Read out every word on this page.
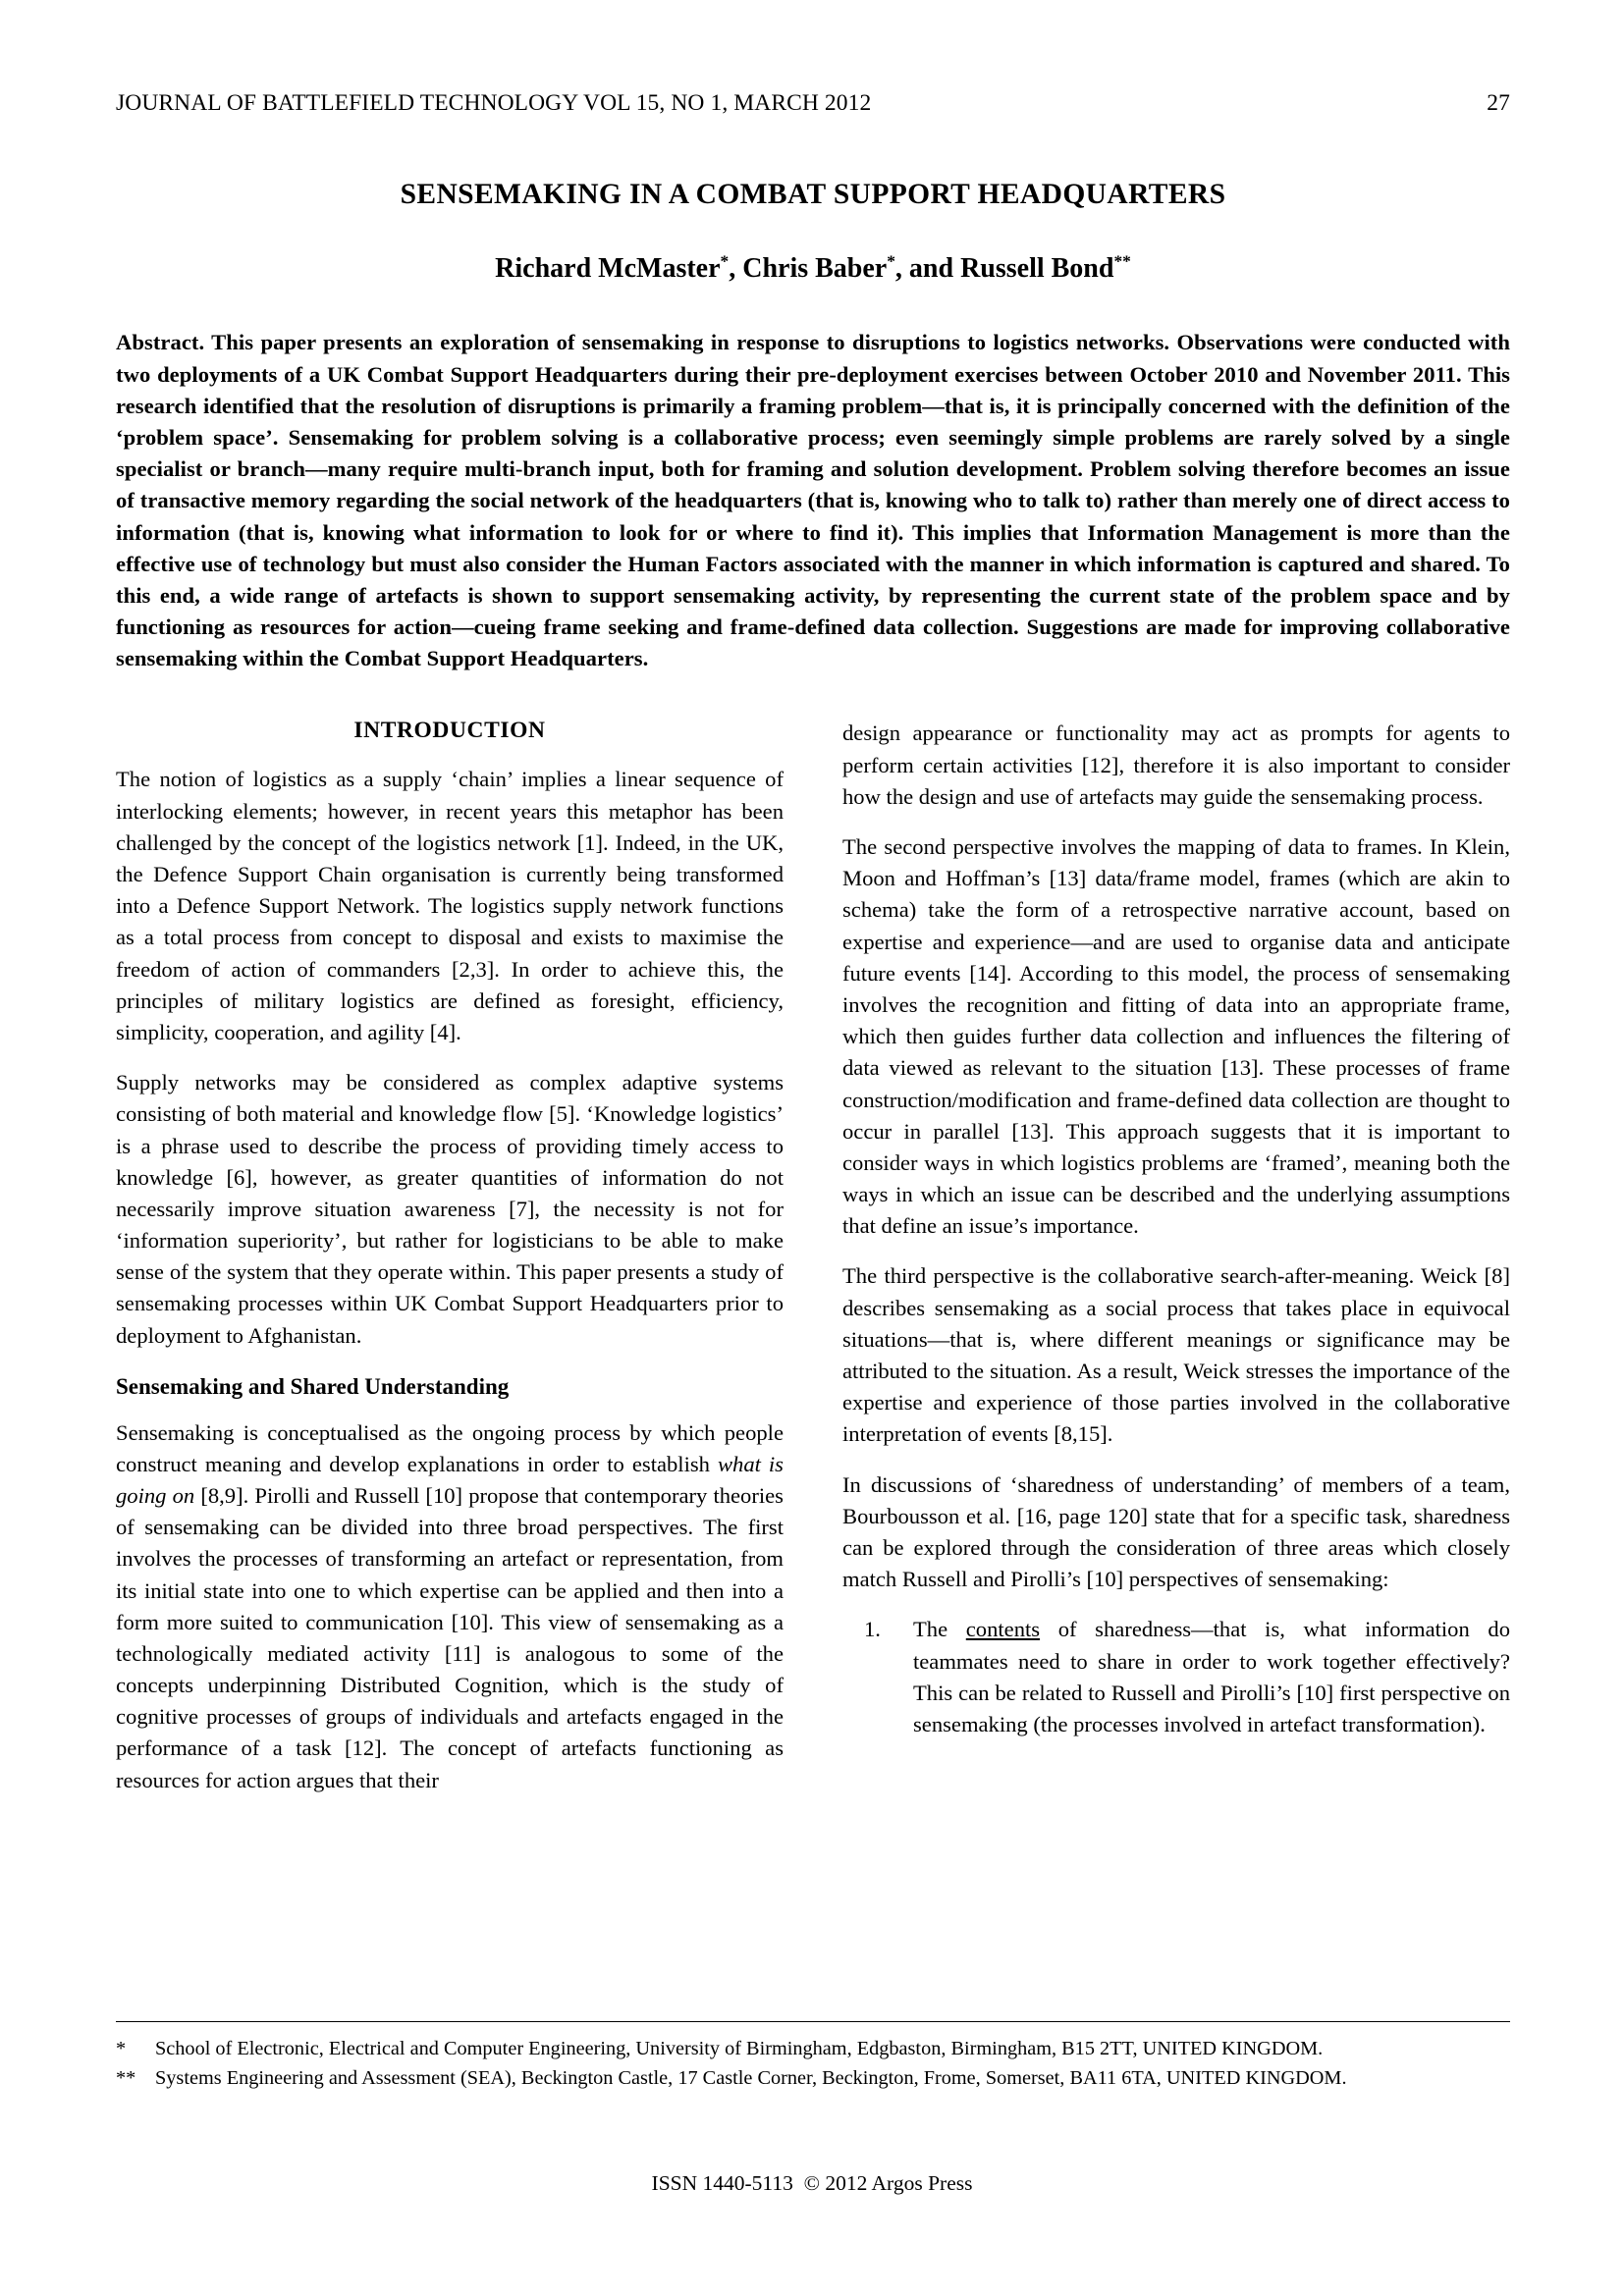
JOURNAL OF BATTLEFIELD TECHNOLOGY VOL 15, NO 1, MARCH 2012	27
SENSEMAKING IN A COMBAT SUPPORT HEADQUARTERS
Richard McMaster*, Chris Baber*, and Russell Bond**

Abstract. This paper presents an exploration of sensemaking in response to disruptions to logistics networks. Observations were conducted with two deployments of a UK Combat Support Headquarters during their pre-deployment exercises between October 2010 and November 2011. This research identified that the resolution of disruptions is primarily a framing problem—that is, it is principally concerned with the definition of the ‘problem space’. Sensemaking for problem solving is a collaborative process; even seemingly simple problems are rarely solved by a single specialist or branch—many require multi-branch input, both for framing and solution development. Problem solving therefore becomes an issue of transactive memory regarding the social network of the headquarters (that is, knowing who to talk to) rather than merely one of direct access to information (that is, knowing what information to look for or where to find it). This implies that Information Management is more than the effective use of technology but must also consider the Human Factors associated with the manner in which information is captured and shared. To this end, a wide range of artefacts is shown to support sensemaking activity, by representing the current state of the problem space and by functioning as resources for action—cueing frame seeking and frame-defined data collection. Suggestions are made for improving collaborative sensemaking within the Combat Support Headquarters.

INTRODUCTION

The notion of logistics as a supply ‘chain’ implies a linear sequence of interlocking elements; however, in recent years this metaphor has been challenged by the concept of the logistics network [1]. Indeed, in the UK, the Defence Support Chain organisation is currently being transformed into a Defence Support Network. The logistics supply network functions as a total process from concept to disposal and exists to maximise the freedom of action of commanders [2,3]. In order to achieve this, the principles of military logistics are defined as foresight, efficiency, simplicity, cooperation, and agility [4].

Supply networks may be considered as complex adaptive systems consisting of both material and knowledge flow [5]. ‘Knowledge logistics’ is a phrase used to describe the process of providing timely access to knowledge [6], however, as greater quantities of information do not necessarily improve situation awareness [7], the necessity is not for ‘information superiority’, but rather for logisticians to be able to make sense of the system that they operate within. This paper presents a study of sensemaking processes within UK Combat Support Headquarters prior to deployment to Afghanistan.

Sensemaking and Shared Understanding

Sensemaking is conceptualised as the ongoing process by which people construct meaning and develop explanations in order to establish what is going on [8,9]. Pirolli and Russell [10] propose that contemporary theories of sensemaking can be divided into three broad perspectives. The first involves the processes of transforming an artefact or representation, from its initial state into one to which expertise can be applied and then into a form more suited to communication [10]. This view of sensemaking as a technologically mediated activity [11] is analogous to some of the concepts underpinning Distributed Cognition, which is the study of cognitive processes of groups of individuals and artefacts engaged in the performance of a task [12]. The concept of artefacts functioning as resources for action argues that their

design appearance or functionality may act as prompts for agents to perform certain activities [12], therefore it is also important to consider how the design and use of artefacts may guide the sensemaking process.

The second perspective involves the mapping of data to frames. In Klein, Moon and Hoffman’s [13] data/frame model, frames (which are akin to schema) take the form of a retrospective narrative account, based on expertise and experience—and are used to organise data and anticipate future events [14]. According to this model, the process of sensemaking involves the recognition and fitting of data into an appropriate frame, which then guides further data collection and influences the filtering of data viewed as relevant to the situation [13]. These processes of frame construction/modification and frame-defined data collection are thought to occur in parallel [13]. This approach suggests that it is important to consider ways in which logistics problems are ‘framed’, meaning both the ways in which an issue can be described and the underlying assumptions that define an issue’s importance.

The third perspective is the collaborative search-after-meaning. Weick [8] describes sensemaking as a social process that takes place in equivocal situations—that is, where different meanings or significance may be attributed to the situation. As a result, Weick stresses the importance of the expertise and experience of those parties involved in the collaborative interpretation of events [8,15].

In discussions of ‘sharedness of understanding’ of members of a team, Bourbousson et al. [16, page 120] state that for a specific task, sharedness can be explored through the consideration of three areas which closely match Russell and Pirolli’s [10] perspectives of sensemaking:

1. The contents of sharedness—that is, what information do teammates need to share in order to work together effectively? This can be related to Russell and Pirolli’s [10] first perspective on sensemaking (the processes involved in artefact transformation).
*	School of Electronic, Electrical and Computer Engineering, University of Birmingham, Edgbaston, Birmingham, B15 2TT, UNITED KINGDOM.
** Systems Engineering and Assessment (SEA), Beckington Castle, 17 Castle Corner, Beckington, Frome, Somerset, BA11 6TA, UNITED KINGDOM.
ISSN 1440-5113 © 2012 Argos Press
